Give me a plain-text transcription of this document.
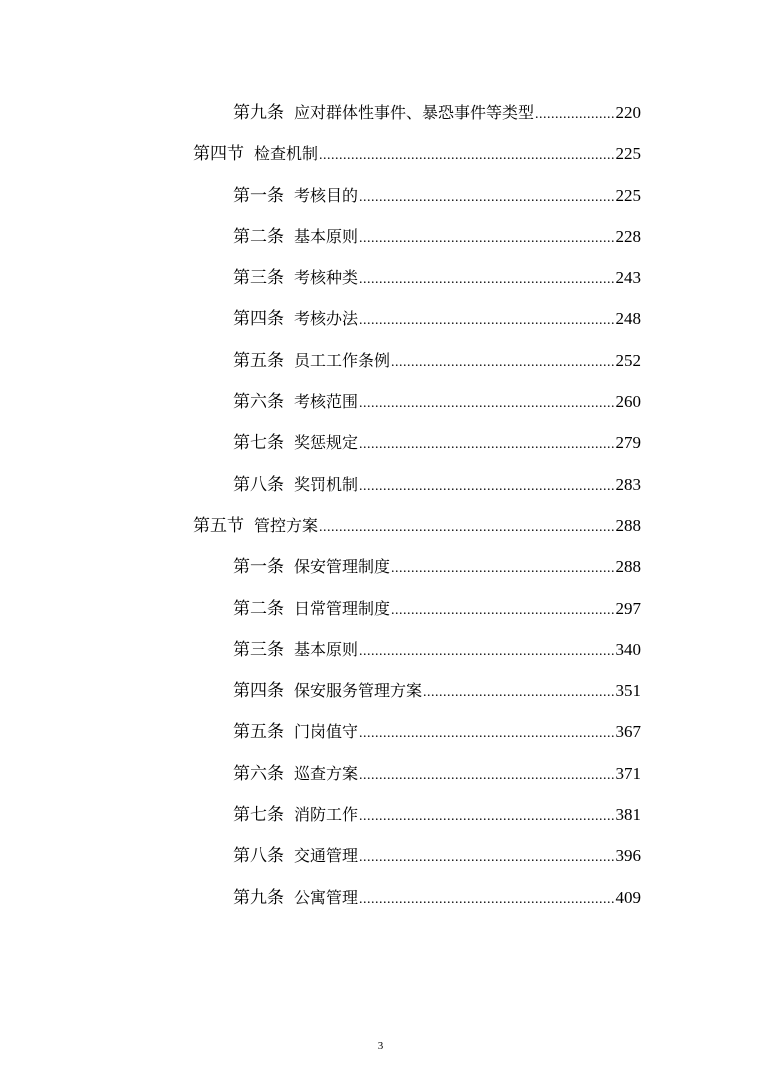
第九条 应对群体性事件、暴恐事件等类型 .....	220
第四节 检查机制 .....	225
第一条 考核目的 .....	225
第二条 基本原则 .....	228
第三条 考核种类 .....	243
第四条 考核办法 .....	248
第五条 员工工作条例 .....	252
第六条 考核范围 .....	260
第七条 奖惩规定 .....	279
第八条 奖罚机制 .....	283
第五节 管控方案 .....	288
第一条 保安管理制度 .....	288
第二条 日常管理制度 .....	297
第三条 基本原则 .....	340
第四条 保安服务管理方案 .....	351
第五条 门岗值守 .....	367
第六条 巡查方案 .....	371
第七条 消防工作 .....	381
第八条 交通管理 .....	396
第九条 公寓管理 .....	409
3
